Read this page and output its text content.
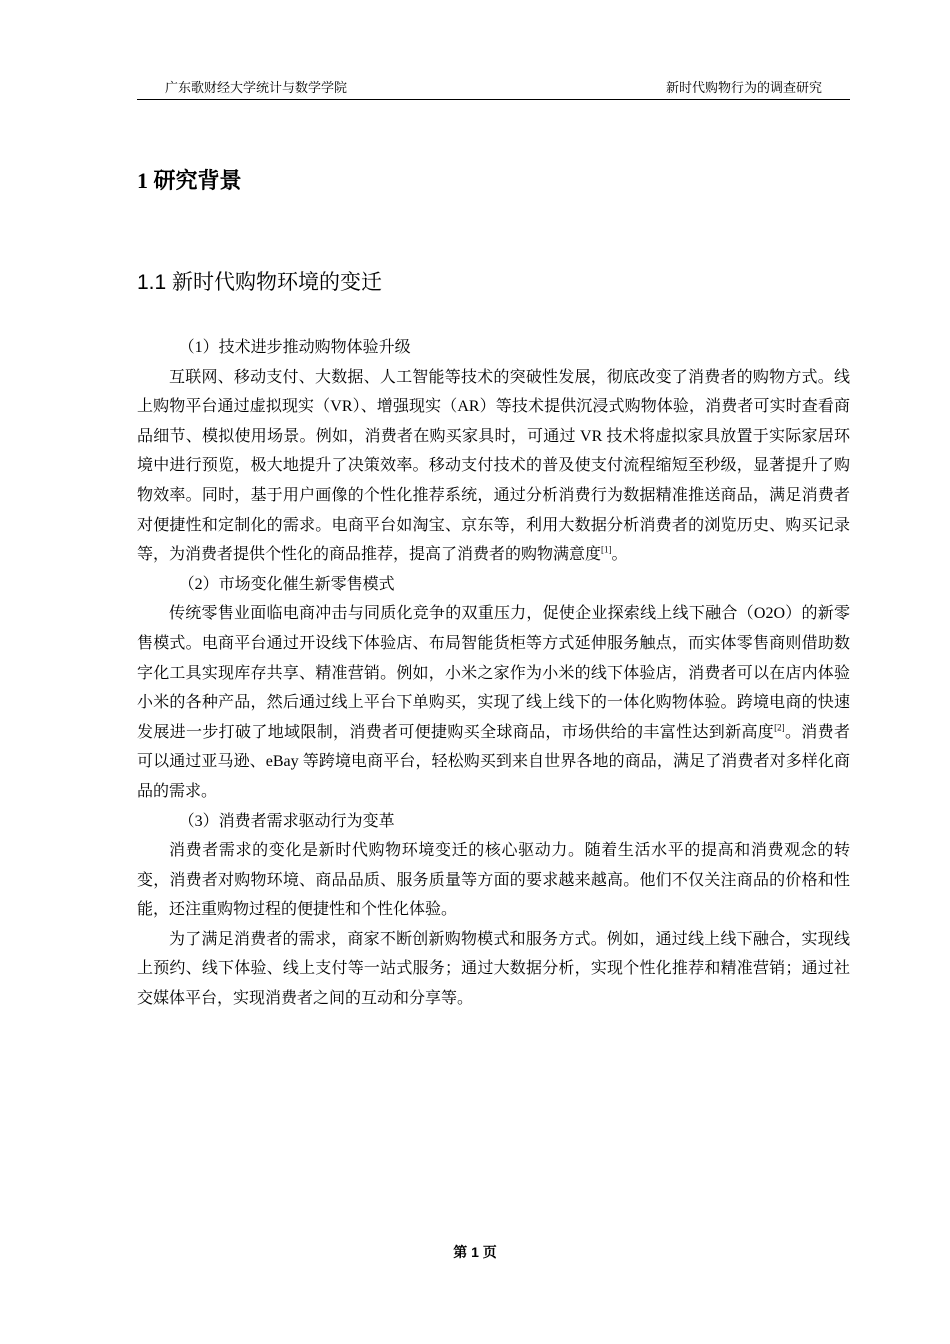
广东歌财经大学统计与数学学院	新时代购物行为的调查研究
1 研究背景
1.1 新时代购物环境的变迁

（1）技术进步推动购物体验升级

互联网、移动支付、大数据、人工智能等技术的突破性发展，彻底改变了消费者的购物方式。线上购物平台通过虚拟现实（VR）、增强现实（AR）等技术提供沉浸式购物体验，消费者可实时查看商品细节、模拟使用场景。例如，消费者在购买家具时，可通过 VR 技术将虚拟家具放置于实际家居环境中进行预览，极大地提升了决策效率。移动支付技术的普及使支付流程缩短至秒级，显著提升了购物效率。同时，基于用户画像的个性化推荐系统，通过分析消费行为数据精准推送商品，满足消费者对便捷性和定制化的需求。电商平台如淘宝、京东等，利用大数据分析消费者的浏览历史、购买记录等，为消费者提供个性化的商品推荐，提高了消费者的购物满意度[1]。

（2）市场变化催生新零售模式

传统零售业面临电商冲击与同质化竞争的双重压力，促使企业探索线上线下融合（O2O）的新零售模式。电商平台通过开设线下体验店、布局智能货柜等方式延伸服务触点，而实体零售商则借助数字化工具实现库存共享、精准营销。例如，小米之家作为小米的线下体验店，消费者可以在店内体验小米的各种产品，然后通过线上平台下单购买，实现了线上线下的一体化购物体验。跨境电商的快速发展进一步打破了地域限制，消费者可便捷购买全球商品，市场供给的丰富性达到新高度[2]。消费者可以通过亚马逊、eBay 等跨境电商平台，轻松购买到来自世界各地的商品，满足了消费者对多样化商品的需求。

（3）消费者需求驱动行为变革

消费者需求的变化是新时代购物环境变迁的核心驱动力。随着生活水平的提高和消费观念的转变，消费者对购物环境、商品品质、服务质量等方面的要求越来越高。他们不仅关注商品的价格和性能，还注重购物过程的便捷性和个性化体验。

为了满足消费者的需求，商家不断创新购物模式和服务方式。例如，通过线上线下融合，实现线上预约、线下体验、线上支付等一站式服务；通过大数据分析，实现个性化推荐和精准营销；通过社交媒体平台，实现消费者之间的互动和分享等。

第 1 页
